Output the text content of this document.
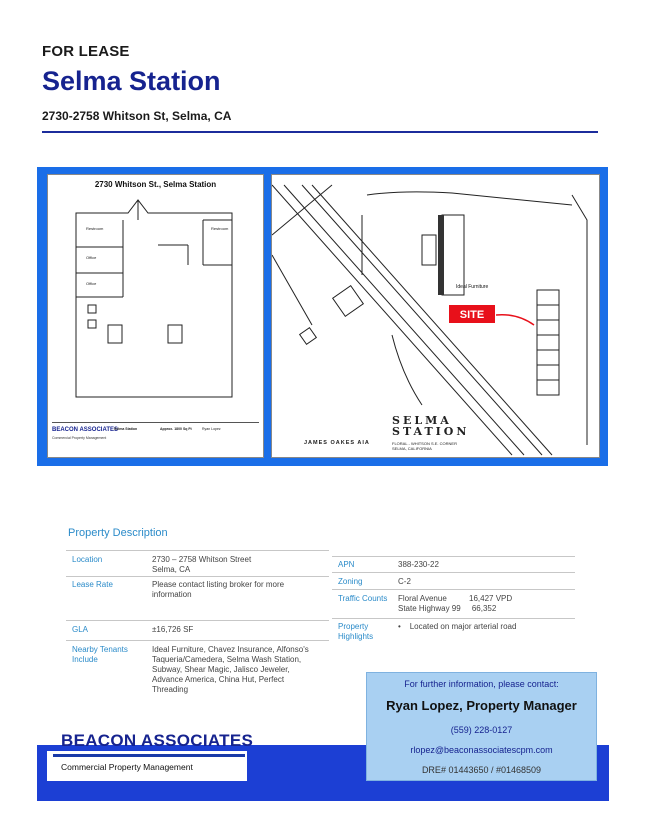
FOR LEASE
Selma Station
2730-2758 Whitson St, Selma, CA
2730 Whitson St., Selma Station
Restroom	Restroom
Office
Office
BEACON ASSOCIATES
Commercial Property Management
Selma Station	Approx. 1800 Sq Ft	Ryan Lopez
Ideal Furniture
SITE
SELMA
STATION
FLORAL - WHITSON S.E. CORNER
SELMA, CALIFORNIA
JAMES OAKES AIA
Property Description
Location	2730 – 2758 Whitson Street
Selma, CA
Lease Rate	Please contact listing broker for more
information
GLA	±16,726 SF
Nearby Tenants
Include
Ideal Furniture, Chavez Insurance, Alfonso's
Taqueria/Camedera, Selma Wash Station,
Subway, Shear Magic, Jalisco Jeweler,
Advance America, China Hut, Perfect
Threading
APN	388-230-22
Zoning	C-2
Traffic Counts Floral Avenue          16,427 VPD
State Highway 99     66,352
Property
Highlights
•    Located on major arterial road
BEACON ASSOCIATES
Commercial Property Management
For further information, please contact:
Ryan Lopez, Property Manager
(559) 228-0127
rlopez@beaconassociatescpm.com
DRE# 01443650 / #01468509
